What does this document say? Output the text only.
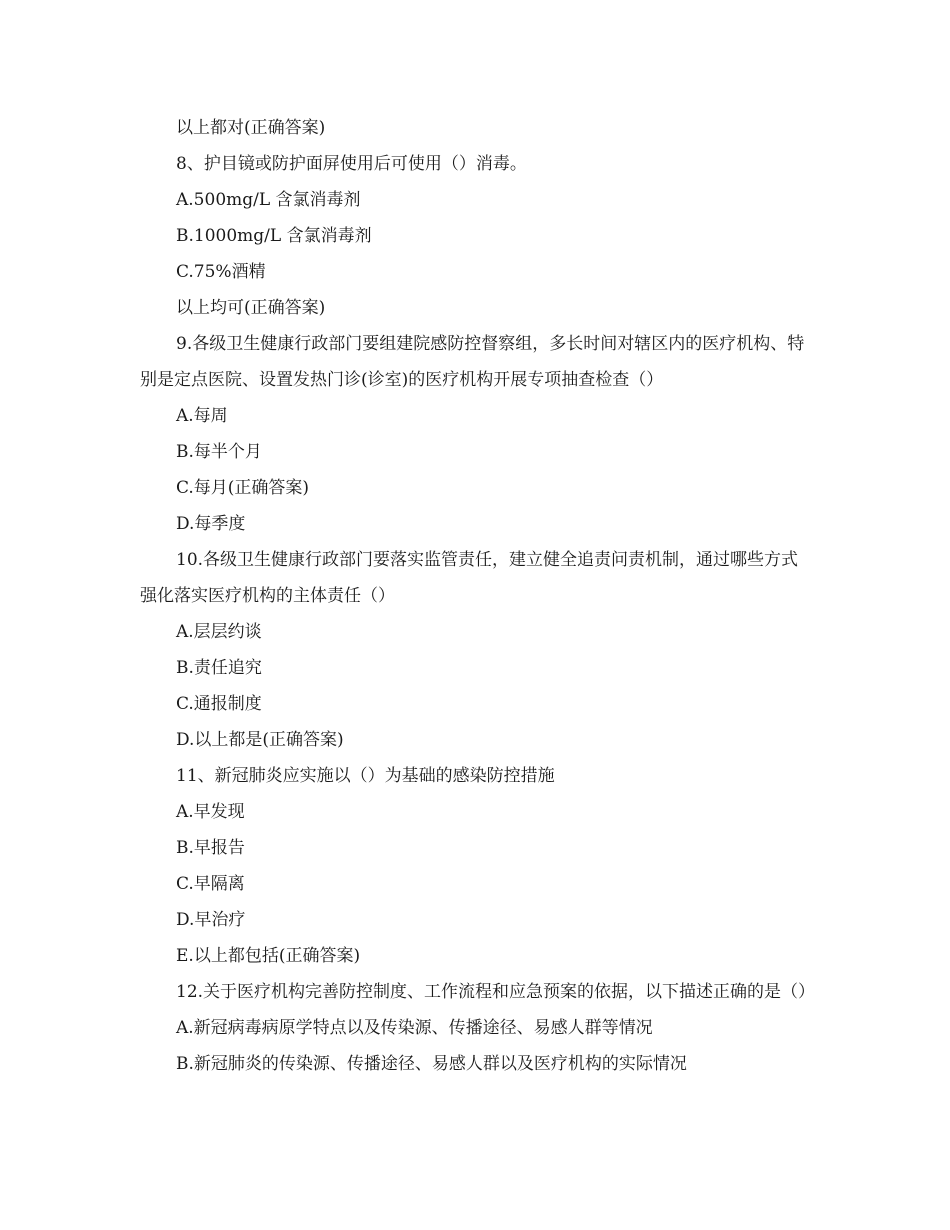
以上都对(正确答案)
8、护目镜或防护面屏使用后可使用（）消毒。
A.500mg/L 含氯消毒剂
B.1000mg/L 含氯消毒剂
C.75%酒精
以上均可(正确答案)
9.各级卫生健康行政部门要组建院感防控督察组，多长时间对辖区内的医疗机构、特别是定点医院、设置发热门诊(诊室)的医疗机构开展专项抽查检查（）
A.每周
B.每半个月
C.每月(正确答案)
D.每季度
10.各级卫生健康行政部门要落实监管责任，建立健全追责问责机制，通过哪些方式强化落实医疗机构的主体责任（）
A.层层约谈
B.责任追究
C.通报制度
D.以上都是(正确答案)
11、新冠肺炎应实施以（）为基础的感染防控措施
A.早发现
B.早报告
C.早隔离
D.早治疗
E.以上都包括(正确答案)
12.关于医疗机构完善防控制度、工作流程和应急预案的依据，以下描述正确的是（）
A.新冠病毒病原学特点以及传染源、传播途径、易感人群等情况
B.新冠肺炎的传染源、传播途径、易感人群以及医疗机构的实际情况
